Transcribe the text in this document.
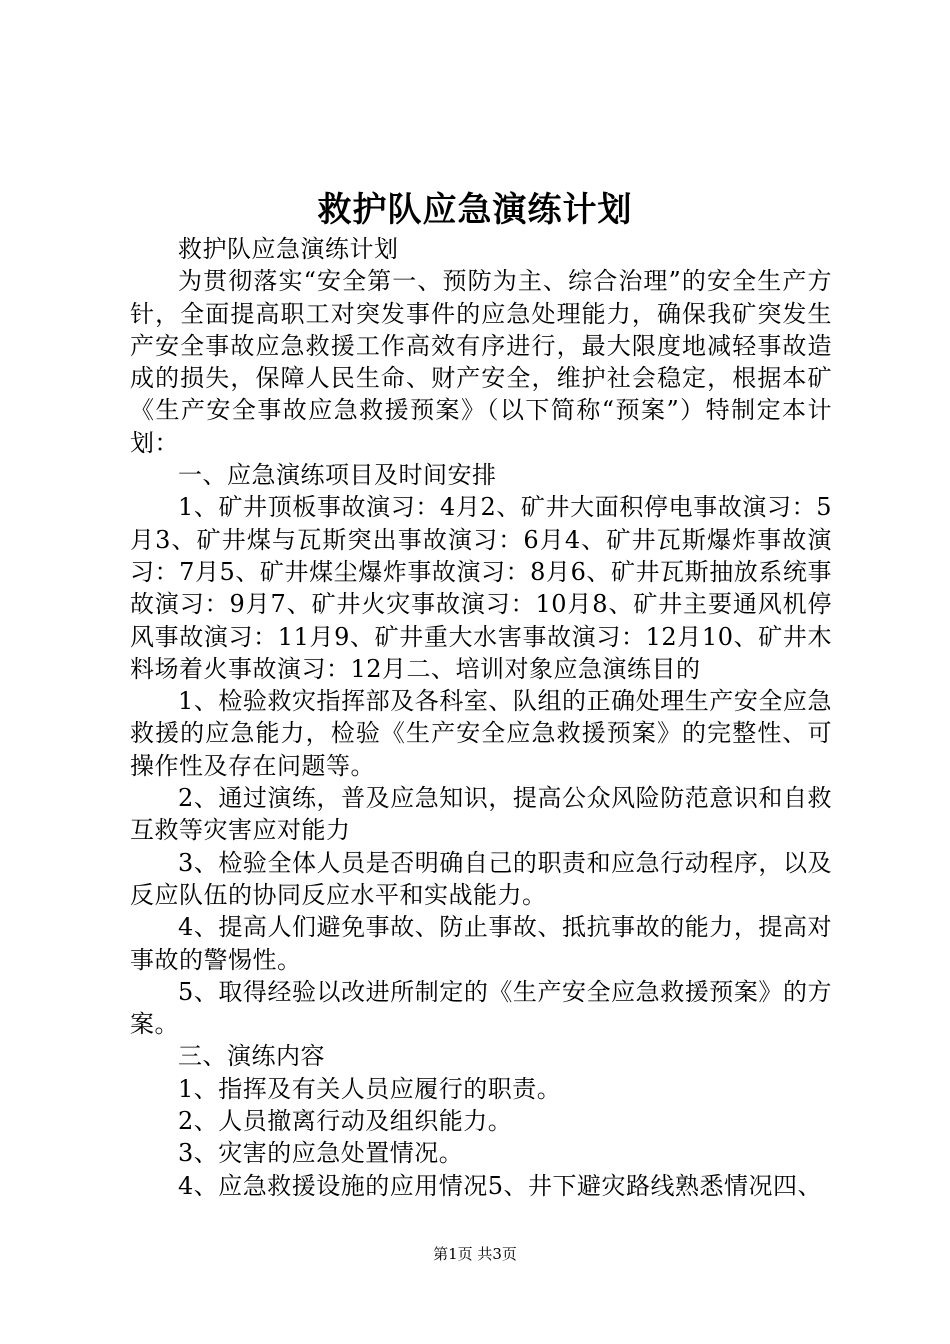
救护队应急演练计划

救护队应急演练计划

为贯彻落实“安全第一、预防为主、综合治理”的安全生产方针，全面提高职工对突发事件的应急处理能力，确保我矿突发生产安全事故应急救援工作高效有序进行，最大限度地减轻事故造成的损失，保障人民生命、财产安全，维护社会稳定，根据本矿《生产安全事故应急救援预案》（以下简称“预案”）特制定本计划：

一、应急演练项目及时间安排

1、矿井顶板事故演习：4月2、矿井大面积停电事故演习：5月3、矿井煤与瓦斯突出事故演习：6月4、矿井瓦斯爆炸事故演习：7月5、矿井煤尘爆炸事故演习：8月6、矿井瓦斯抽放系统事故演习：9月7、矿井火灾事故演习：10月8、矿井主要通风机停风事故演习：11月9、矿井重大水害事故演习：12月10、矿井木料场着火事故演习：12月二、培训对象应急演练目的

1、检验救灾指挥部及各科室、队组的正确处理生产安全应急救援的应急能力，检验《生产安全应急救援预案》的完整性、可操作性及存在问题等。

2、通过演练，普及应急知识，提高公众风险防范意识和自救互救等灾害应对能力

3、检验全体人员是否明确自己的职责和应急行动程序，以及反应队伍的协同反应水平和实战能力。

4、提高人们避免事故、防止事故、抵抗事故的能力，提高对事故的警惕性。

5、取得经验以改进所制定的《生产安全应急救援预案》的方案。

三、演练内容

1、指挥及有关人员应履行的职责。

2、人员撤离行动及组织能力。

3、灾害的应急处置情况。

4、应急救援设施的应用情况5、井下避灾路线熟悉情况四、

第1页 共3页
